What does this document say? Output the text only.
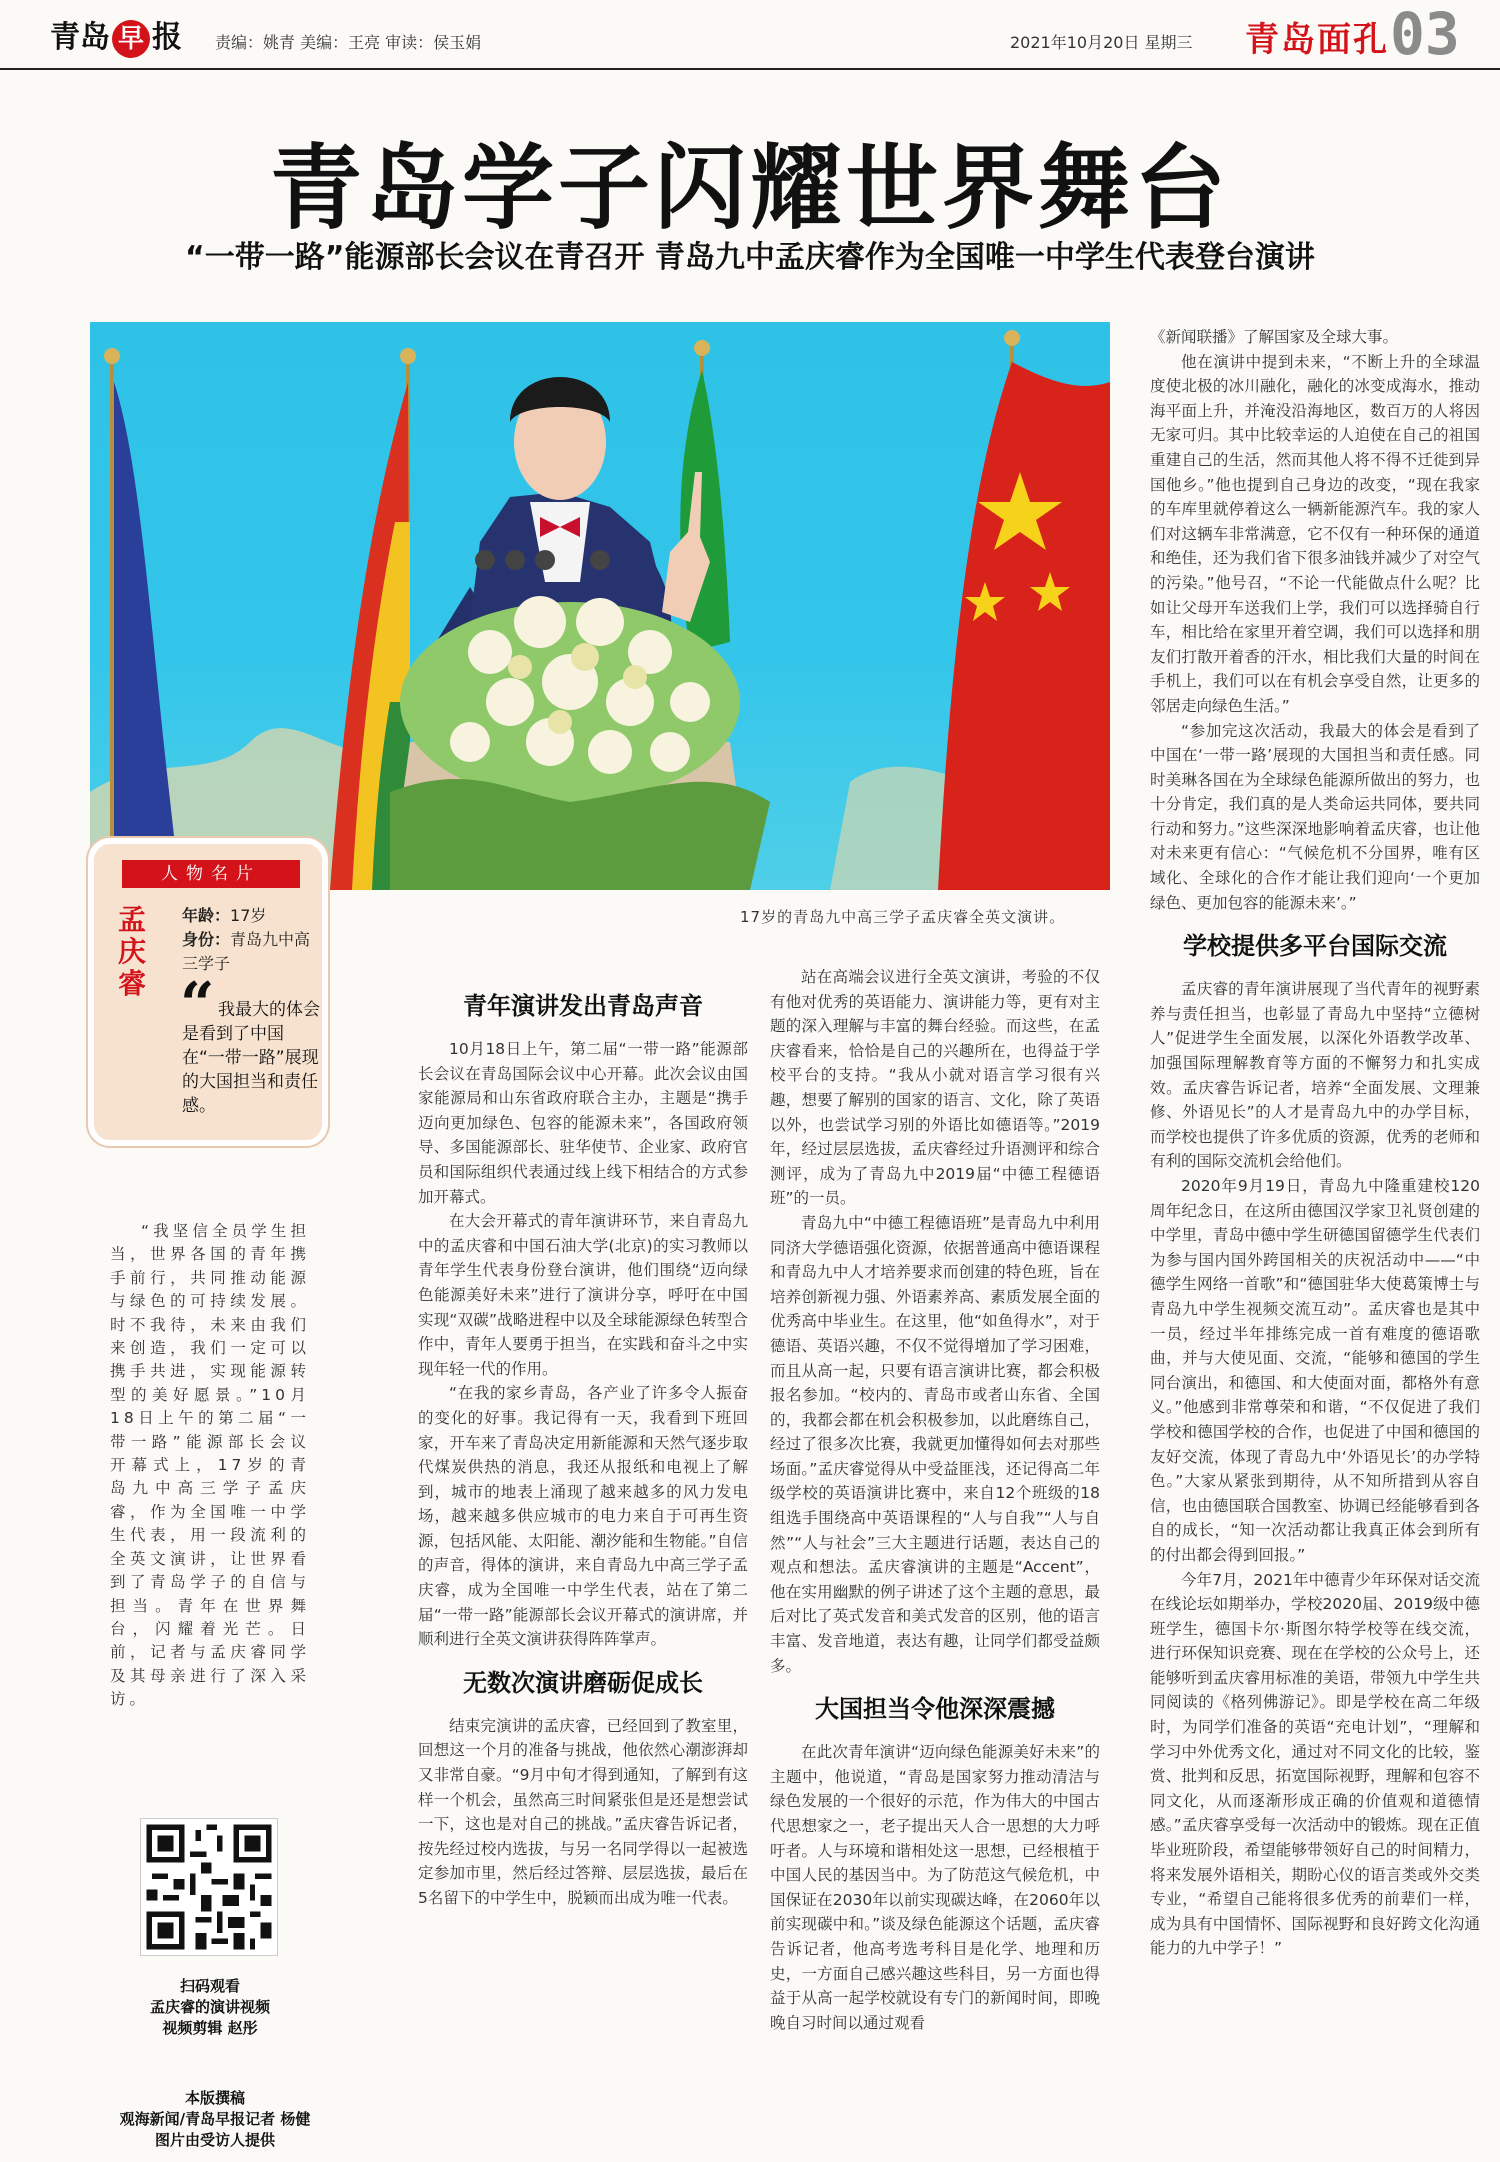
青岛 早 报 责编：姚青 美编：王亮 审读：侯玉娟	2021年10月20日 星期三 青岛面孔 03
青岛学子闪耀世界舞台
“一带一路”能源部长会议在青召开 青岛九中孟庆睿作为全国唯一中学生代表登台演讲
17岁的青岛九中高三学子孟庆睿全英文演讲。
人物名片
孟庆睿
年龄：17岁
身份：青岛九中高三学子
“ 我最大的体会是看到了中国在“一带一路”展现的大国担当和责任感。

“我坚信全员学生担当，世界各国的青年携手前行，共同推动能源与绿色的可持续发展。时不我待，未来由我们来创造，我们一定可以携手共进，实现能源转型的美好愿景。”10月18日上午的第二届“一带一路”能源部长会议开幕式上，17岁的青岛九中高三学子孟庆睿，作为全国唯一中学生代表，用一段流利的全英文演讲，让世界看到了青岛学子的自信与担当。青年在世界舞台，闪耀着光芒。日前，记者与孟庆睿同学及其母亲进行了深入采访。

扫码观看
孟庆睿的演讲视频
视频剪辑 赵彤
本版撰稿
观海新闻/青岛早报记者 杨健
图片由受访人提供
青年演讲发出青岛声音

10月18日上午，第二届“一带一路”能源部长会议在青岛国际会议中心开幕。此次会议由国家能源局和山东省政府联合主办，主题是“携手迈向更加绿色、包容的能源未来”，各国政府领导、多国能源部长、驻华使节、企业家、政府官员和国际组织代表通过线上线下相结合的方式参加开幕式。

在大会开幕式的青年演讲环节，来自青岛九中的孟庆睿和中国石油大学(北京)的实习教师以青年学生代表身份登台演讲，他们围绕“迈向绿色能源美好未来”进行了演讲分享，呼吁在中国实现“双碳”战略进程中以及全球能源绿色转型合作中，青年人要勇于担当，在实践和奋斗之中实现年轻一代的作用。

“在我的家乡青岛，各产业了许多令人振奋的变化的好事。我记得有一天，我看到下班回家，开车来了青岛决定用新能源和天然气逐步取代煤炭供热的消息，我还从报纸和电视上了解到，城市的地表上涌现了越来越多的风力发电场，越来越多供应城市的电力来自于可再生资源，包括风能、太阳能、潮汐能和生物能。”自信的声音，得体的演讲，来自青岛九中高三学子孟庆睿，成为全国唯一中学生代表，站在了第二届“一带一路”能源部长会议开幕式的演讲席，并顺利进行全英文演讲获得阵阵掌声。

无数次演讲磨砺促成长

结束完演讲的孟庆睿，已经回到了教室里，回想这一个月的准备与挑战，他依然心潮澎湃却又非常自豪。“9月中旬才得到通知，了解到有这样一个机会，虽然高三时间紧张但是还是想尝试一下，这也是对自己的挑战。”孟庆睿告诉记者，按先经过校内选拔，与另一名同学得以一起被选定参加市里，然后经过答辩、层层选拔，最后在5名留下的中学生中，脱颖而出成为唯一代表。

站在高端会议进行全英文演讲，考验的不仅有他对优秀的英语能力、演讲能力等，更有对主题的深入理解与丰富的舞台经验。而这些，在孟庆睿看来，恰恰是自己的兴趣所在，也得益于学校平台的支持。“我从小就对语言学习很有兴趣，想要了解别的国家的语言、文化，除了英语以外，也尝试学习别的外语比如德语等。”2019年，经过层层选拔，孟庆睿经过升语测评和综合测评，成为了青岛九中2019届“中德工程德语班”的一员。

青岛九中“中德工程德语班”是青岛九中利用同济大学德语强化资源，依据普通高中德语课程和青岛九中人才培养要求而创建的特色班，旨在培养创新视力强、外语素养高、素质发展全面的优秀高中毕业生。在这里，他“如鱼得水”，对于德语、英语兴趣，不仅不觉得增加了学习困难，而且从高一起，只要有语言演讲比赛，都会积极报名参加。“校内的、青岛市或者山东省、全国的，我都会都在机会积极参加，以此磨练自己，经过了很多次比赛，我就更加懂得如何去对那些场面。”孟庆睿觉得从中受益匪浅，还记得高二年级学校的英语演讲比赛中，来自12个班级的18组选手围绕高中英语课程的“人与自我”“人与自然”“人与社会”三大主题进行话题，表达自己的观点和想法。孟庆睿演讲的主题是“Accent”，他在实用幽默的例子讲述了这个主题的意思，最后对比了英式发音和美式发音的区别，他的语言丰富、发音地道，表达有趣，让同学们都受益颇多。

大国担当令他深深震撼

在此次青年演讲“迈向绿色能源美好未来”的主题中，他说道，“青岛是国家努力推动清洁与绿色发展的一个很好的示范，作为伟大的中国古代思想家之一，老子提出天人合一思想的大力呼吁者。人与环境和谐相处这一思想，已经根植于中国人民的基因当中。为了防范这气候危机，中国保证在2030年以前实现碳达峰，在2060年以前实现碳中和。”谈及绿色能源这个话题，孟庆睿告诉记者，他高考选考科目是化学、地理和历史，一方面自己感兴趣这些科目，另一方面也得益于从高一起学校就设有专门的新闻时间，即晚晚自习时间以通过观看

《新闻联播》了解国家及全球大事。

他在演讲中提到未来，“不断上升的全球温度使北极的冰川融化，融化的冰变成海水，推动海平面上升，并淹没沿海地区，数百万的人将因无家可归。其中比较幸运的人迫使在自己的祖国重建自己的生活，然而其他人将不得不迁徙到异国他乡。”他也提到自己身边的改变，“现在我家的车库里就停着这么一辆新能源汽车。我的家人们对这辆车非常满意，它不仅有一种环保的通道和绝佳，还为我们省下很多油钱并减少了对空气的污染。”他号召，“不论一代能做点什么呢？比如让父母开车送我们上学，我们可以选择骑自行车，相比给在家里开着空调，我们可以选择和朋友们打散开着香的汗水，相比我们大量的时间在手机上，我们可以在有机会享受自然，让更多的邻居走向绿色生活。”

“参加完这次活动，我最大的体会是看到了中国在‘一带一路’展现的大国担当和责任感。同时美琳各国在为全球绿色能源所做出的努力，也十分肯定，我们真的是人类命运共同体，要共同行动和努力。”这些深深地影响着孟庆睿，也让他对未来更有信心：“气候危机不分国界，唯有区域化、全球化的合作才能让我们迎向‘一个更加绿色、更加包容的能源未来’。”

学校提供多平台国际交流

孟庆睿的青年演讲展现了当代青年的视野素养与责任担当，也彰显了青岛九中坚持“立德树人”促进学生全面发展，以深化外语教学改革、加强国际理解教育等方面的不懈努力和扎实成效。孟庆睿告诉记者，培养“全面发展、文理兼修、外语见长”的人才是青岛九中的办学目标，而学校也提供了许多优质的资源，优秀的老师和有利的国际交流机会给他们。

2020年9月19日，青岛九中隆重建校120周年纪念日，在这所由德国汉学家卫礼贤创建的中学里，青岛中德中学生研德国留德学生代表们为参与国内国外跨国相关的庆祝活动中——“中德学生网络一首歌”和“德国驻华大使葛策博士与青岛九中学生视频交流互动”。孟庆睿也是其中一员，经过半年排练完成一首有难度的德语歌曲，并与大使见面、交流，“能够和德国的学生同台演出，和德国、和大使面对面，都格外有意义。”他感到非常尊荣和和谐，“不仅促进了我们学校和德国学校的合作，也促进了中国和德国的友好交流，体现了青岛九中‘外语见长’的办学特色。”大家从紧张到期待，从不知所措到从容自信，也由德国联合国教室、协调已经能够看到各自的成长，“知一次活动都让我真正体会到所有的付出都会得到回报。”

今年7月，2021年中德青少年环保对话交流在线论坛如期举办，学校2020届、2019级中德班学生，德国卡尔·斯图尔特学校等在线交流，进行环保知识竞赛、现在在学校的公众号上，还能够听到孟庆睿用标准的美语，带领九中学生共同阅读的《格列佛游记》。即是学校在高二年级时，为同学们准备的英语“充电计划”，“理解和学习中外优秀文化，通过对不同文化的比较，鉴赏、批判和反思，拓宽国际视野，理解和包容不同文化，从而逐渐形成正确的价值观和道德情感。”孟庆睿享受每一次活动中的锻炼。现在正值毕业班阶段，希望能够带领好自己的时间精力，将来发展外语相关，期盼心仪的语言类或外交类专业，“希望自己能将很多优秀的前辈们一样，成为具有中国情怀、国际视野和良好跨文化沟通能力的九中学子！”
